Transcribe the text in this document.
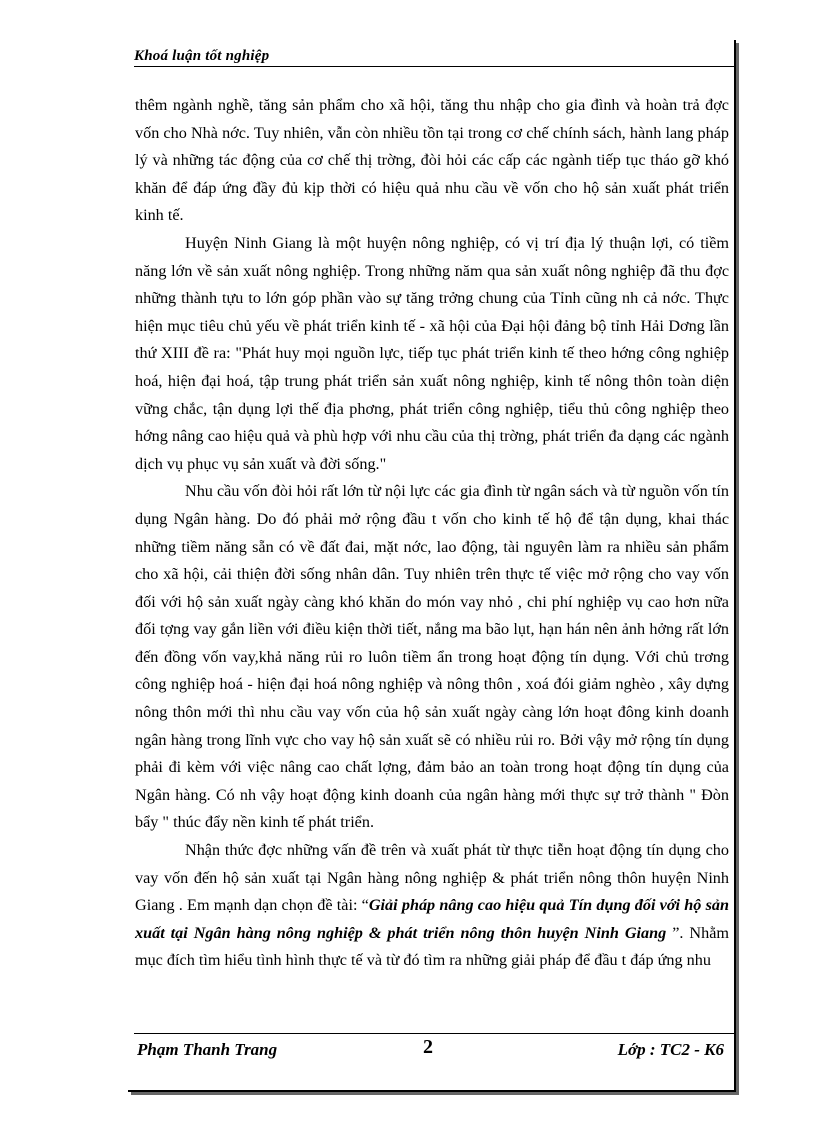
Khoá luận tốt nghiệp

thêm ngành nghề, tăng sản phẩm cho xã hội, tăng thu nhập cho gia đình và hoàn trả đợc vốn cho Nhà nớc. Tuy nhiên, vẫn còn nhiều tồn tại trong cơ chế chính sách, hành lang pháp lý và những tác động của cơ chế thị trờng, đòi hỏi các cấp các ngành tiếp tục tháo gỡ khó khăn để đáp ứng đầy đủ kịp thời có hiệu quả nhu cầu về vốn cho hộ sản xuất phát triển kinh tế.

Huyện Ninh Giang là một huyện nông nghiệp, có vị trí địa lý thuận lợi, có tiềm năng lớn về sản xuất nông nghiệp. Trong những năm qua sản xuất nông nghiệp đã thu đợc những thành tựu to lớn góp phần vào sự tăng trởng chung của Tỉnh cũng nh cả nớc. Thực hiện mục tiêu chủ yếu về phát triển kinh tế - xã hội của Đại hội đảng bộ tỉnh Hải Dơng lần thứ XIII đề ra: "Phát huy mọi nguồn lực, tiếp tục phát triển kinh tế theo hớng công nghiệp hoá, hiện đại hoá, tập trung phát triển sản xuất nông nghiệp, kinh tế nông thôn toàn diện vững chắc, tận dụng lợi thế địa phơng, phát triển công nghiệp, tiểu thủ công nghiệp theo hớng nâng cao hiệu quả và phù hợp với nhu cầu của thị trờng, phát triển đa dạng các ngành dịch vụ phục vụ sản xuất và đời sống."

Nhu cầu vốn đòi hỏi rất lớn từ nội lực các gia đình từ ngân sách và từ nguồn vốn tín dụng Ngân hàng. Do đó phải mở rộng đầu t vốn cho kinh tế hộ để tận dụng, khai thác những tiềm năng sẵn có về đất đai, mặt nớc, lao động, tài nguyên làm ra nhiều sản phẩm cho xã hội, cải thiện đời sống nhân dân. Tuy nhiên trên thực tế việc mở rộng cho vay vốn đối với hộ sản xuất ngày càng khó khăn do món vay nhỏ , chi phí nghiệp vụ cao hơn nữa đối tợng vay gắn liền với điều kiện thời tiết, nắng ma bão lụt, hạn hán nên ảnh hởng rất lớn đến đồng vốn vay,khả năng rủi ro luôn tiềm ẩn trong hoạt động tín dụng. Với chủ trơng công nghiệp hoá - hiện đại hoá nông nghiệp và nông thôn , xoá đói giảm nghèo , xây dựng nông thôn mới thì nhu cầu vay vốn của hộ sản xuất ngày càng lớn hoạt đông kinh doanh ngân hàng trong lĩnh vực cho vay hộ sản xuất sẽ có nhiều rủi ro. Bởi vậy mở rộng tín dụng phải đi kèm với việc nâng cao chất lợng, đảm bảo an toàn trong hoạt động tín dụng của Ngân hàng. Có nh vậy hoạt động kinh doanh của ngân hàng mới thực sự trở thành " Đòn bẩy " thúc đẩy nền kinh tế phát triển.

Nhận thức đợc những vấn đề trên và xuất phát từ thực tiễn hoạt động tín dụng cho vay vốn đến hộ sản xuất tại Ngân hàng nông nghiệp & phát triển nông thôn huyện Ninh Giang . Em mạnh dạn chọn đề tài: “Giải pháp nâng cao hiệu quả Tín dụng đối với hộ sản xuất tại Ngân hàng nông nghiệp & phát triển nông thôn huyện Ninh Giang ”. Nhằm mục đích tìm hiểu tình hình thực tế và từ đó tìm ra những giải pháp để đầu t đáp ứng nhu

Phạm Thanh Trang	2	Lớp : TC2 - K6
